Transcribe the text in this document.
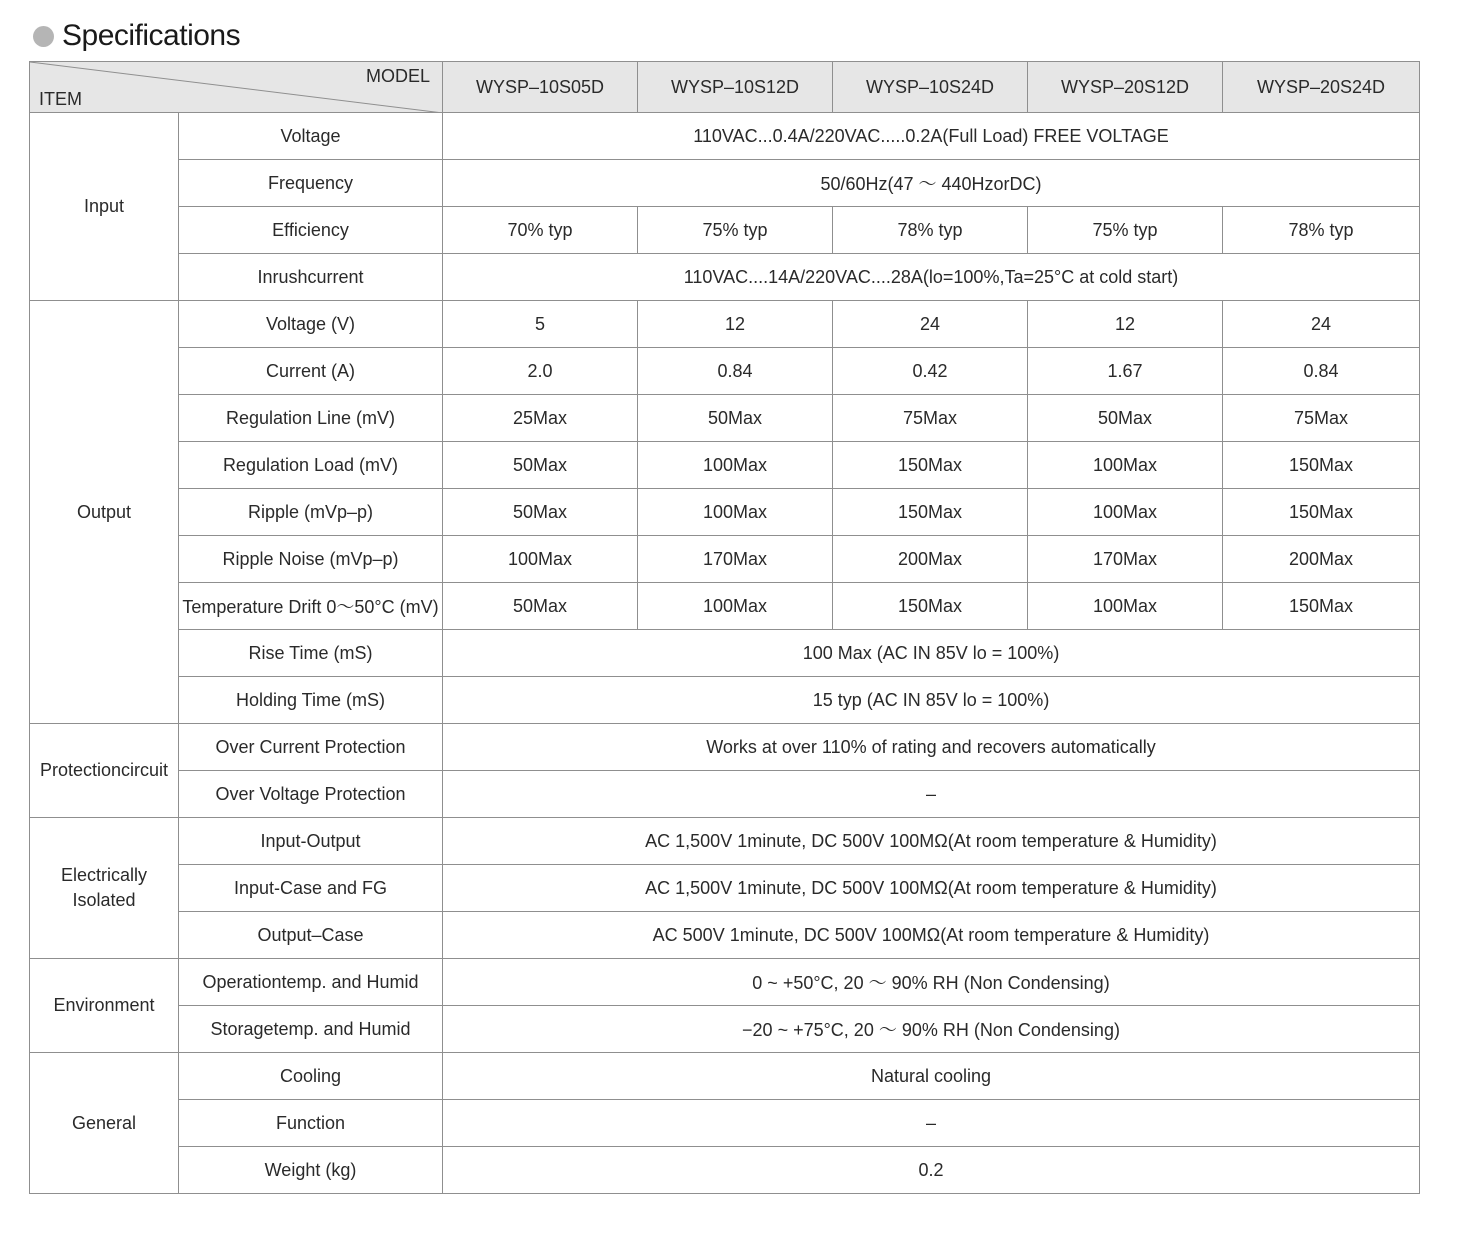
Specifications
MODEL
ITEM		WYSP–10S05D	WYSP–10S12D	WYSP–10S24D	WYSP–20S12D	WYSP–20S24D
Input	Voltage	110VAC...0.4A/220VAC.....0.2A(Full Load) FREE VOLTAGE				
	Frequency	50/60Hz(47 〜 440HzorDC)				
	Efficiency	70% typ	75% typ	78% typ	75% typ	78% typ
	Inrushcurrent	110VAC....14A/220VAC....28A(lo=100%,Ta=25°C at cold start)				
Output	Voltage (V)	5	12	24	12	24
	Current (A)	2.0	0.84	0.42	1.67	0.84
	Regulation Line (mV)	25Max	50Max	75Max	50Max	75Max
	Regulation Load (mV)	50Max	100Max	150Max	100Max	150Max
	Ripple (mVp–p)	50Max	100Max	150Max	100Max	150Max
	Ripple Noise (mVp–p)	100Max	170Max	200Max	170Max	200Max
	Temperature Drift 0〜50°C (mV)	50Max	100Max	150Max	100Max	150Max
	Rise Time (mS)	100 Max (AC IN 85V lo = 100%)				
	Holding Time (mS)	15 typ (AC IN 85V lo = 100%)				
Protectioncircuit	Over Current Protection	Works at over 110% of rating and recovers automatically				
	Over Voltage Protection	–				

Electrically
Isolated	Input-Output	AC 1,500V 1minute, DC 500V 100MΩ(At room temperature & Humidity)				
	Input-Case and FG	AC 1,500V 1minute, DC 500V 100MΩ(At room temperature & Humidity)				
	Output–Case	AC 500V 1minute, DC 500V 100MΩ(At room temperature & Humidity)				
Environment	Operationtemp. and Humid	0 ~ +50°C, 20 〜 90% RH (Non Condensing)				
	Storagetemp. and Humid	−20 ~ +75°C, 20 〜 90% RH (Non Condensing)				
General	Cooling	Natural cooling				
	Function	–				
	Weight (kg)	0.2				
